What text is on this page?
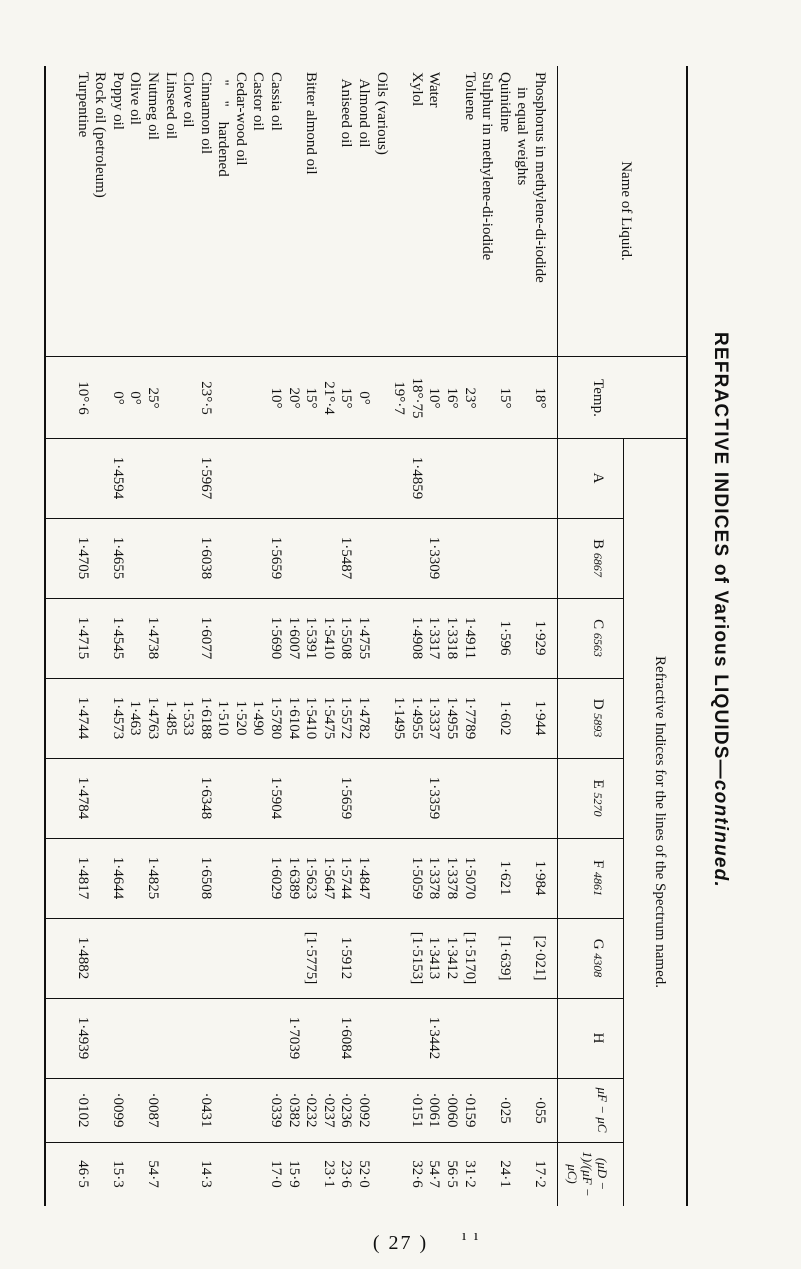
REFRACTIVE INDICES of Various LIQUIDS—continued.
Name of Liquid.
Refractive Indices for the lines of the Spectrum named.
Temp.
A
B 6867
C 6563
D 5893
E 5270
F 4861
G 4308
H
μF − μC
(μD − 1)/(μF − μC)
Phosphorus in methylene-di-iodide
18°
1·929
1·944
1·984
[2·021]
·055
17·2
in equal weights
Quinidine
15°
1·596
1·602
1·621
[1·639]
·025
24·1
Sulphur in methylene-di-iodide
Toluene
23°
1·4911
1·7789
1·5070
[1·5170]
·0159
31·2
16°
1·3318
1·4955
1·3378
1·3412
·0060
56·5
Water
10°
1·3309
1·3317
1·3337
1·3359
1·3378
1·3413
1·3442
·0061
54·7
Xylol
18°·75
1·4859
1·4908
1·4955
1·5059
[1·5153]
·0151
32·6
19°·7
1·1495
Oils (various)
Almond oil
0°
1·4755
1·4782
1·4847
·0092
52·0
Aniseed oil
15°
1·5487
1·5508
1·5572
1·5659
1·5744
1·5912
1·6084
·0236
23·6
21°·4
1·5410
1·5475
1·5647
·0237
23·1
Bitter almond oil
15°
1·5391
1·5410
1·5623
[1·5775]
·0232
20°
1·6007
1·6104
1·6389
1·7039
·0382
15·9
Cassia oil
10°
1·5659
1·5690
1·5780
1·5904
1·6029
·0339
17·0
Castor oil
1·490
Cedar-wood oil
1·520
"    "    hardened
1·510
Cinnamon oil
23°·5
1·5967
1·6038
1·6077
1·6188
1·6348
1·6508
·0431
14·3
Clove oil
1·533
Linseed oil
1·485
Nutmeg oil
25°
1·4738
1·4763
1·4825
·0087
54·7
Olive oil
0°
1·463
Poppy oil
0°
1·4594
1·4655
1·4545
1·4573
1·4644
·0099
15·3
Rock oil (petroleum)
Turpentine
10°·6
1·4705
1·4715
1·4744
1·4784
1·4817
1·4882
1·4939
·0102
46·5
( 27 ) ı ı
